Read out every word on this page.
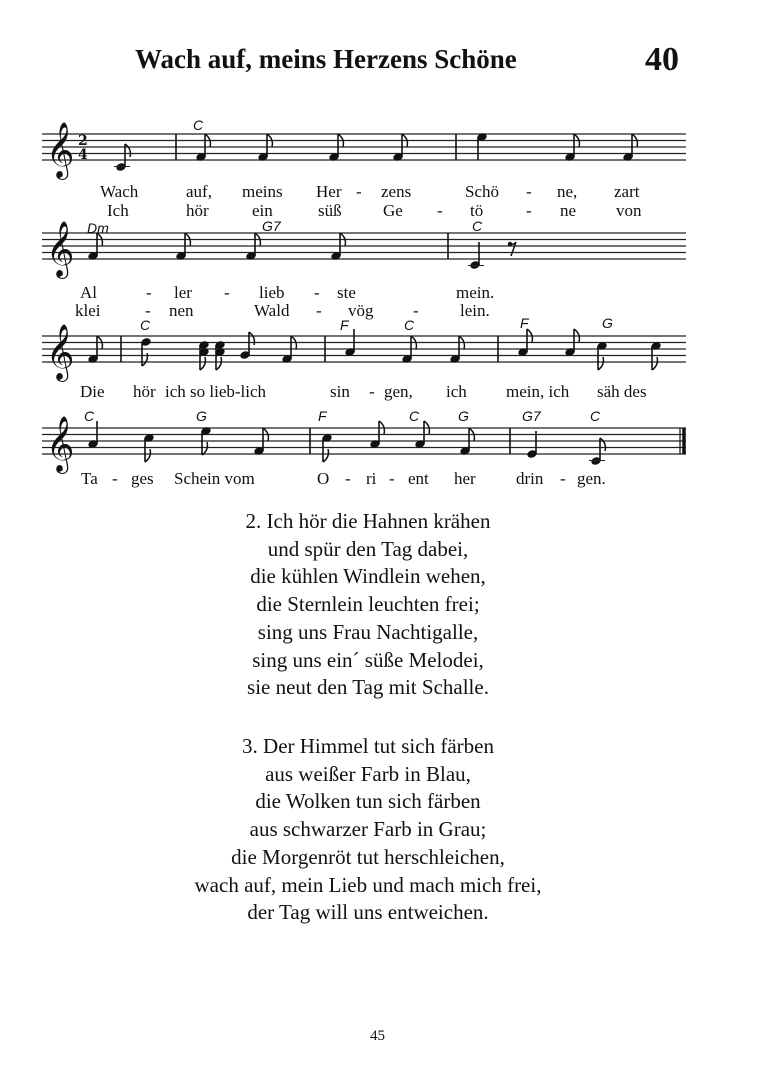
Wach auf, meins Herzens Schöne	40
𝄞 2
4
C
Wach	auf, meins Her - zens	Schö - ne, zart
Ich	hör	ein	süß Ge - tö	- ne von
𝄞 Dm	G7	C
Al	- ler - lieb - ste	mein.
klei	- nen	Wald - vög - lein.
𝄞	C	F	C	F	G
Die hör ich so lieb-lich	sin - gen, ich mein, ich säh des
𝄞 C	G	F	C	G	G7	C
Ta - ges Schein vom	O - ri - ent her drin - gen.

2. Ich hör die Hahnen krähen

und spür den Tag dabei,

die kühlen Windlein wehen,

die Sternlein leuchten frei;

sing uns Frau Nachtigalle,

sing uns ein´ süße Melodei,

sie neut den Tag mit Schalle.

3. Der Himmel tut sich färben

aus weißer Farb in Blau,

die Wolken tun sich färben

aus schwarzer Farb in Grau;

die Morgenröt tut herschleichen,

wach auf, mein Lieb und mach mich frei,

der Tag will uns entweichen.

45
